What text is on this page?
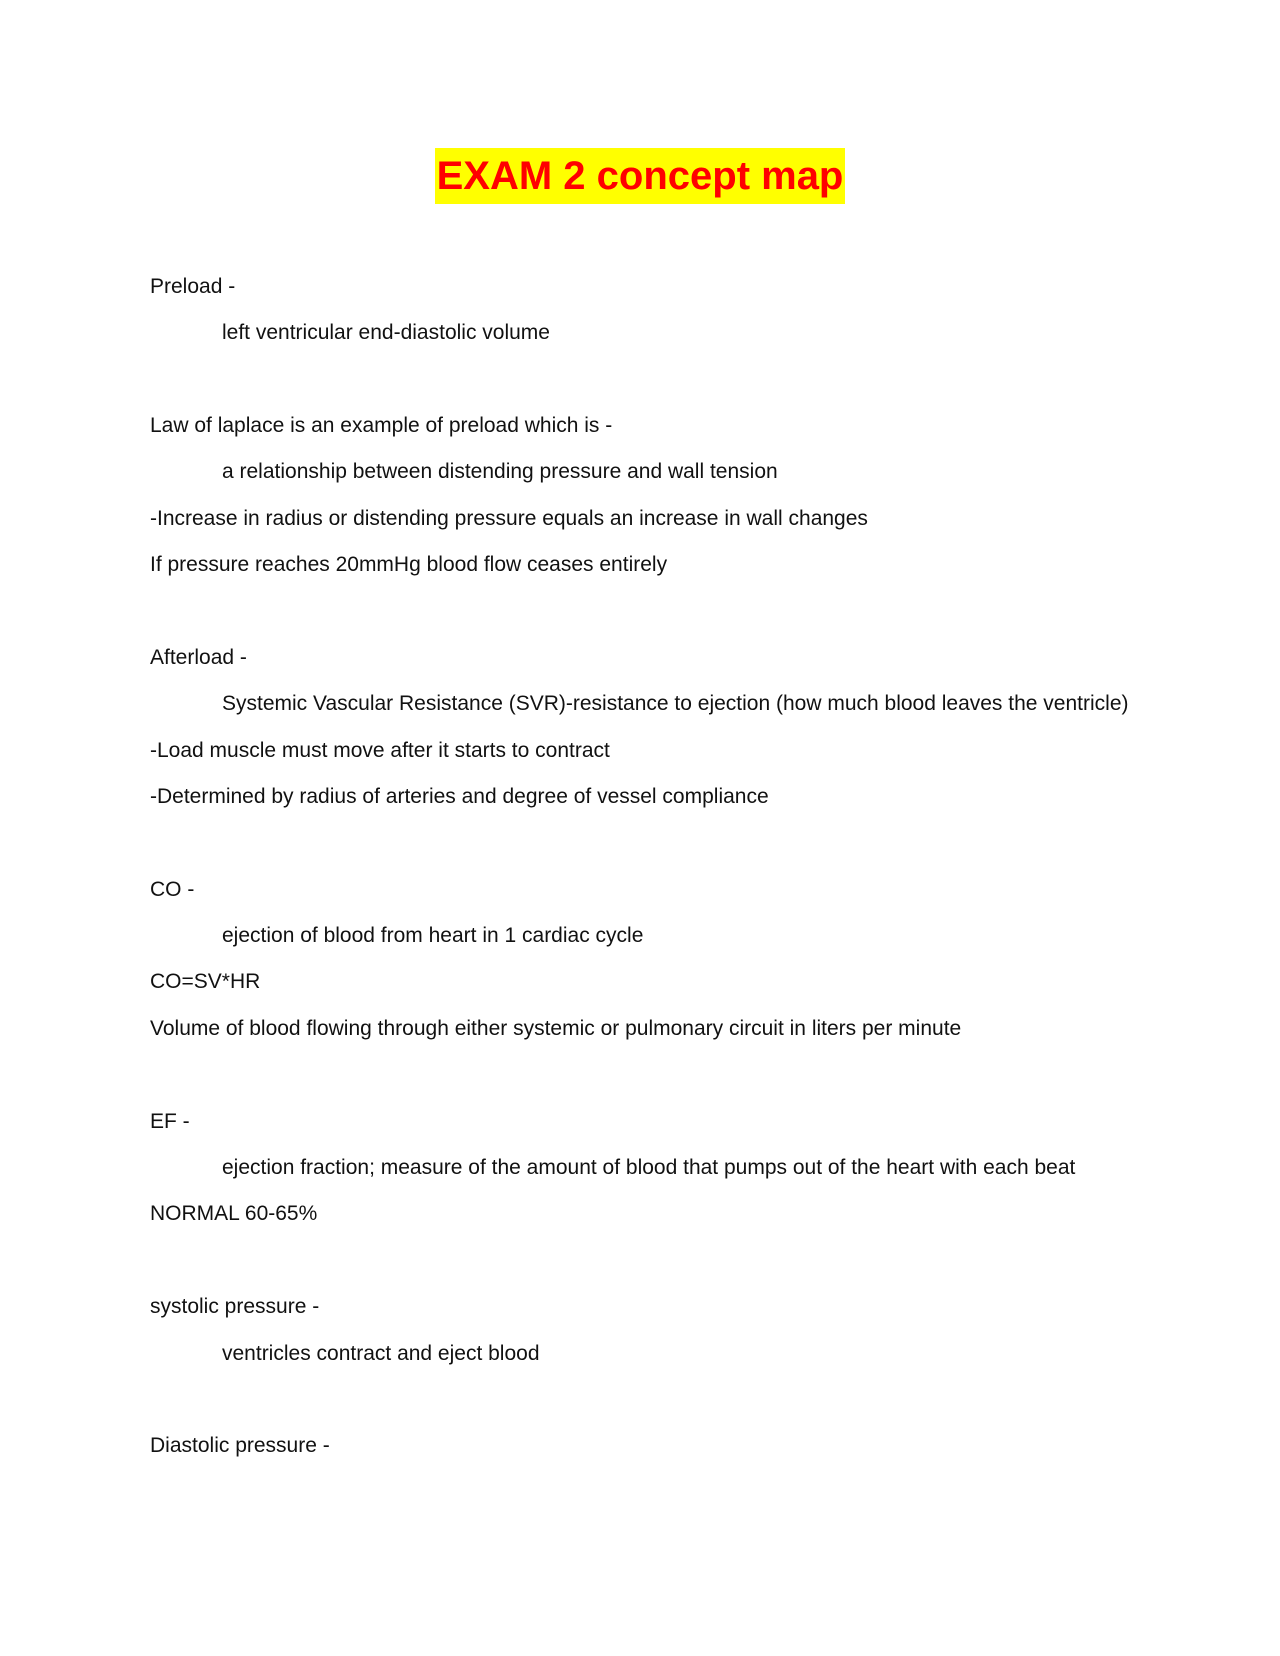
EXAM 2 concept map
Preload -
left ventricular end-diastolic volume
Law of laplace is an example of preload which is -
a relationship between distending pressure and wall tension
-Increase in radius or distending pressure equals an increase in wall changes
If pressure reaches 20mmHg blood flow ceases entirely
Afterload -
Systemic Vascular Resistance (SVR)-resistance to ejection (how much blood leaves the ventricle)
-Load muscle must move after it starts to contract
-Determined by radius of arteries and degree of vessel compliance
CO -
ejection of blood from heart in 1 cardiac cycle
CO=SV*HR
Volume of blood flowing through either systemic or pulmonary circuit in liters per minute
EF -
ejection fraction; measure of the amount of blood that pumps out of the heart with each beat
NORMAL 60-65%
systolic pressure -
ventricles contract and eject blood
Diastolic pressure -
